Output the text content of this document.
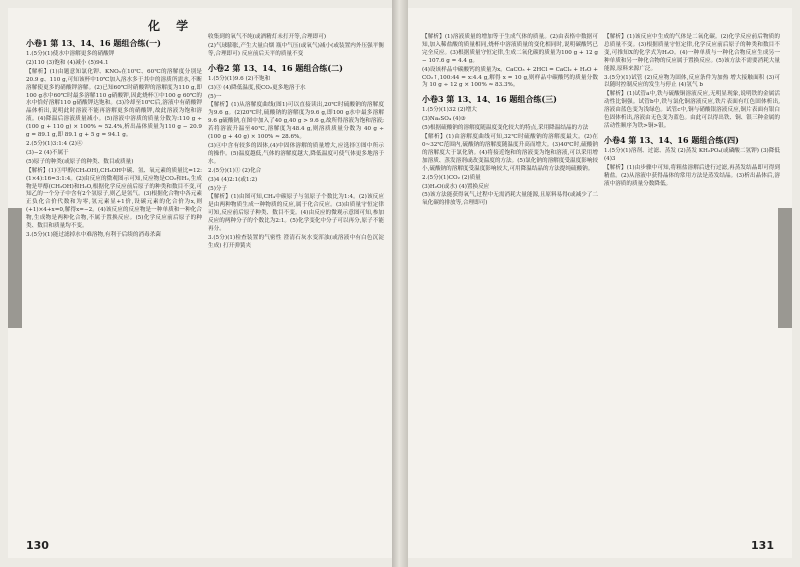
化 学
小卷1 第 13、14、16 题组合练(一)

1.(5分)(1)使水中溶解更多的硝酸钾

(2)110 (3)饱和 (4)减小 (5)94.1

【解析】(1)由题意知氯化钾、KNO₃在10℃、60℃的溶解度分别是20.9 g、110 g,可知该杯中10℃加入溶水多于其中的溶质所需水,不断溶解使更多的硝酸钾溶解。(2)已知60℃时硝酸钾的溶解度为110 g,即100 g水中60℃时最多溶解110 g硝酸钾,因此烧杯①中100 g 60℃的水中恰好溶解110 g硝酸钾达饱和。(3)冷却至10℃后,溶液中有硝酸钾晶体析出,说明此时溶液不能再溶解更多的硝酸钾,故此溶液为饱和溶液。(4)降温后溶液质量减小。(5)溶液中溶质的质量分数为:110 g ÷ (100 g + 110 g) × 100% ≈ 52.4%,析出晶体质量为110 g − 20.9 g = 89.1 g,即 89.1 g + 5 g = 94.1 g。

2.(5分)(1)3:1:4 (2)④

(3)−2 (4)不属于

(5)原子的种类(或原子的种类、数目或质量)

【解析】(1)③甲醇(CH₃OH),CH₃OH中碳、氢、氧元素的质量比=12:(1×4):16=3:1:4。(2)由反应的微观图示可知,反应物是CO₂和H₂,生成物是甲醇(CH₃OH)和H₂O,根据化学反应前后原子的种类和数目不变,可知乙的一个分子中含有2个氢原子,则乙是氢气。(3)根据化合物中各元素正负化合价代数和为零,氢元素显+1价,设碳元素的化合价为x,则(+1)×4+x=0,解得x=−2。(4)该反应的反应物是一种单质和一种化合物,生成物是两种化合物,不属于置换反应。(5)化学反应前后原子的种类、数目和质量均不变。

3.(5分)(1)能过滤掉水中难溶物,有利于后续的消毒杀菌

收集到的氧气不纯(或酒精灯未打开等,合理即可)

(2)气球膨胀,产生大量白烟 瓶中气压(或氧气)减小(或装置内外压强平衡等,合理即可) 反应前后天平的质量不变

小卷2 第 13、14、16 题组合练(二)

1.(5分)(1)9.6 (2)不饱和

(3)③ (4)降低温度,使CO₂更多地溶于水

(5)一

【解析】(1)从溶解度曲线(图1)可以直接读出,20℃时硫酸钠的溶解度为9.6 g。(2)20℃时,硫酸钠的溶解度为9.6 g,即100 g水中最多溶解9.6 g硫酸钠,在图中加入了40 g,40 g > 9.6 g,故所得溶液为饱和溶液;若将溶液升温至40℃,溶解度为48.4 g,则溶质质量分数为 40 g ÷ (100 g + 40 g) × 100% ≈ 28.6%。

(3)④中含有较多的固体,(4)中固体溶解的质量增大,应选择③图中所示的操作。(5)温度越低,气体的溶解度越大,降低温度可使气体更多地溶于水。

2.(5分)(1)① (2)化合

(3)4 (4)2:1(或1:2)

(5)分子

【解析】(1)由图可知,CH₄中碳原子与氢原子个数比为1:4。(2)该反应是由两种物质生成一种物质的反应,属于化合反应。(3)由质量守恒定律可知,反应前后原子种类、数目不变。(4)由反应的微观示意图可知,参加反应的两种分子的个数比为2:1。(5)化学变化中分子可以再分,原子不能再分。

3.(5分)(1)检查装置的气密性 澄清石灰水变浑浊(或溶液中有白色沉淀生成) 打开弹簧夹

130

【解析】(1)溶液质量的增加等于生成气体的质量。(2)由表格中数据可知,加入稀盐酸的质量相同,烧杯中溶液质量的变化相同时,说明碳酸钙已完全反应。(3)根据质量守恒定律,生成二氧化碳的质量为100 g + 12 g − 107.6 g = 4.4 g。

(4)设该样品中碳酸钙的质量为x。CaCO₃ + 2HCl = CaCl₂ + H₂O + CO₂↑,100:44 = x:4.4 g,解得 x = 10 g,则样品中碳酸钙的质量分数为 10 g ÷ 12 g × 100% ≈ 83.3%。

小卷3 第 13、14、16 题组合练(三)

1.(5分)(1)32 (2)增大

(3)Na₂SO₄ (4)③

(5)根据硫酸钠的溶解度随温度变化较大的特点,采用降温结晶的方法

【解析】(1)由溶解度曲线可知,32℃时硫酸钠的溶解度最大。(2)在0~32℃范围内,硫酸钠的溶解度随温度升高而增大。(3)40℃时,硫酸钠的溶解度大于氯化钠。(4)将接近饱和的溶液变为饱和溶液,可以采用增加溶质、蒸发溶剂或改变温度的方法。(5)氯化钠的溶解度受温度影响较小,硫酸钠的溶解度受温度影响较大,可用降温结晶的方法提纯硫酸钠。

2.(5分)(1)CO₂ (2)质量

(3)H₂O(或水) (4)置换反应

(5)该方法能获得氧气,过程中无需消耗大量能源,且原料易得(或减少了二氧化碳的排放等,合理即可)

【解析】(1)该反应中生成的气体是二氧化碳。(2)化学反应前后物质的总质量不变。(3)根据质量守恒定律,化学反应前后原子的种类和数目不变,可推知X的化学式为H₂O。(4)一种单质与一种化合物反应生成另一种单质和另一种化合物的反应属于置换反应。(5)该方法不需要消耗大量能源,原料来源广泛。

3.(5分)(1)试管 (2)反应物为固体,反应条件为加热 增大接触面积 (3)可以随时控制反应的发生与停止 (4)氢气 b

【解析】(1)试管a中,铁与硫酸铜溶液反应,无明显现象,说明铁的金属活动性比铜强。试管b中,铁与氯化铜溶液反应,铁片表面有红色固体析出,溶液由蓝色变为浅绿色。试管c中,铜与硝酸银溶液反应,铜片表面有银白色固体析出,溶液由无色变为蓝色。由此可以得出铁、铜、银三种金属的活动性顺序为铁>铜>银。

小卷4 第 13、14、16 题组合练(四)

1.(5分)(1)溶剂、过滤、蒸发 (2)蒸发 KH₂PO₄(或磷酸二氢钾) (3)降低 (4)3

【解析】(1)由步骤中可知,将粗盐溶解后进行过滤,再蒸发结晶即可得到精盐。(2)从溶液中获得晶体的常用方法是蒸发结晶。(3)析出晶体后,溶液中溶质的质量分数降低。

131
